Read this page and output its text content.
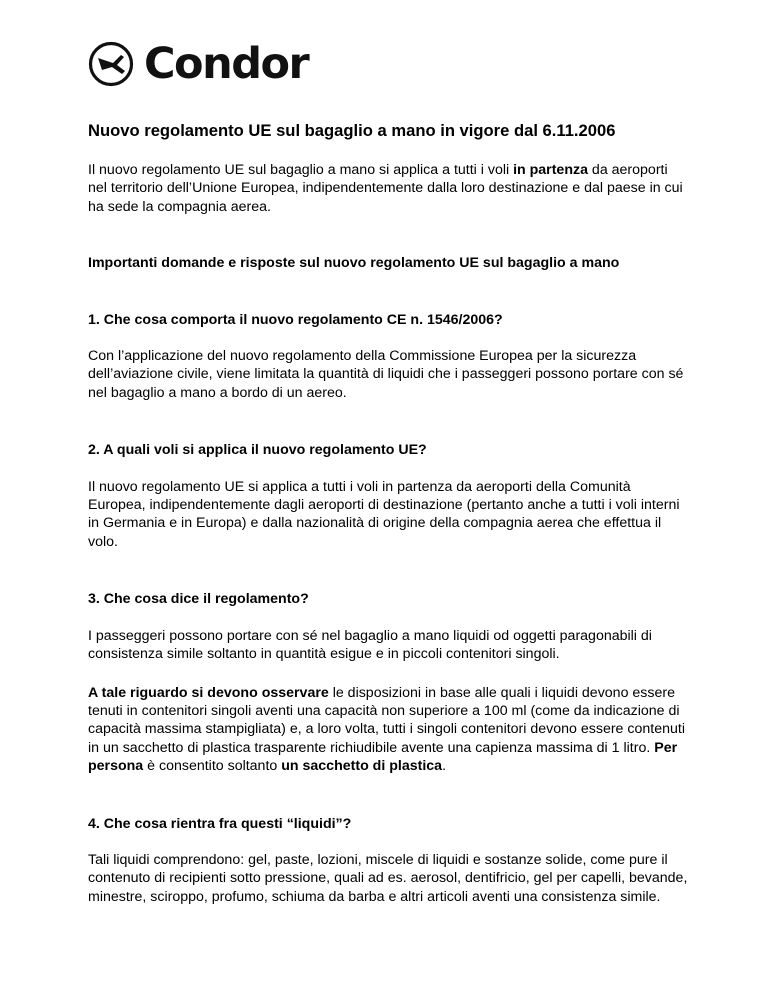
Condor
Nuovo regolamento UE sul bagaglio a mano in vigore dal 6.11.2006

Il nuovo regolamento UE sul bagaglio a mano si applica a tutti i voli in partenza da aeroporti nel territorio dell’Unione Europea, indipendentemente dalla loro destinazione e dal paese in cui ha sede la compagnia aerea.

Importanti domande e risposte sul nuovo regolamento UE sul bagaglio a mano

1. Che cosa comporta il nuovo regolamento CE n. 1546/2006?

Con l’applicazione del nuovo regolamento della Commissione Europea per la sicurezza dell’aviazione civile, viene limitata la quantità di liquidi che i passeggeri possono portare con sé nel bagaglio a mano a bordo di un aereo.

2. A quali voli si applica il nuovo regolamento UE?

Il nuovo regolamento UE si applica a tutti i voli in partenza da aeroporti della Comunità Europea, indipendentemente dagli aeroporti di destinazione (pertanto anche a tutti i voli interni in Germania e in Europa) e dalla nazionalità di origine della compagnia aerea che effettua il volo.

3. Che cosa dice il regolamento?

I passeggeri possono portare con sé nel bagaglio a mano liquidi od oggetti paragonabili di consistenza simile soltanto in quantità esigue e in piccoli contenitori singoli.

A tale riguardo si devono osservare le disposizioni in base alle quali i liquidi devono essere tenuti in contenitori singoli aventi una capacità non superiore a 100 ml (come da indicazione di capacità massima stampigliata) e, a loro volta, tutti i singoli contenitori devono essere contenuti in un sacchetto di plastica trasparente richiudibile avente una capienza massima di 1 litro. Per persona è consentito soltanto un sacchetto di plastica.

4. Che cosa rientra fra questi “liquidi”?

Tali liquidi comprendono: gel, paste, lozioni, miscele di liquidi e sostanze solide, come pure il contenuto di recipienti sotto pressione, quali ad es. aerosol, dentifricio, gel per capelli, bevande, minestre, sciroppo, profumo, schiuma da barba e altri articoli aventi una consistenza simile.
